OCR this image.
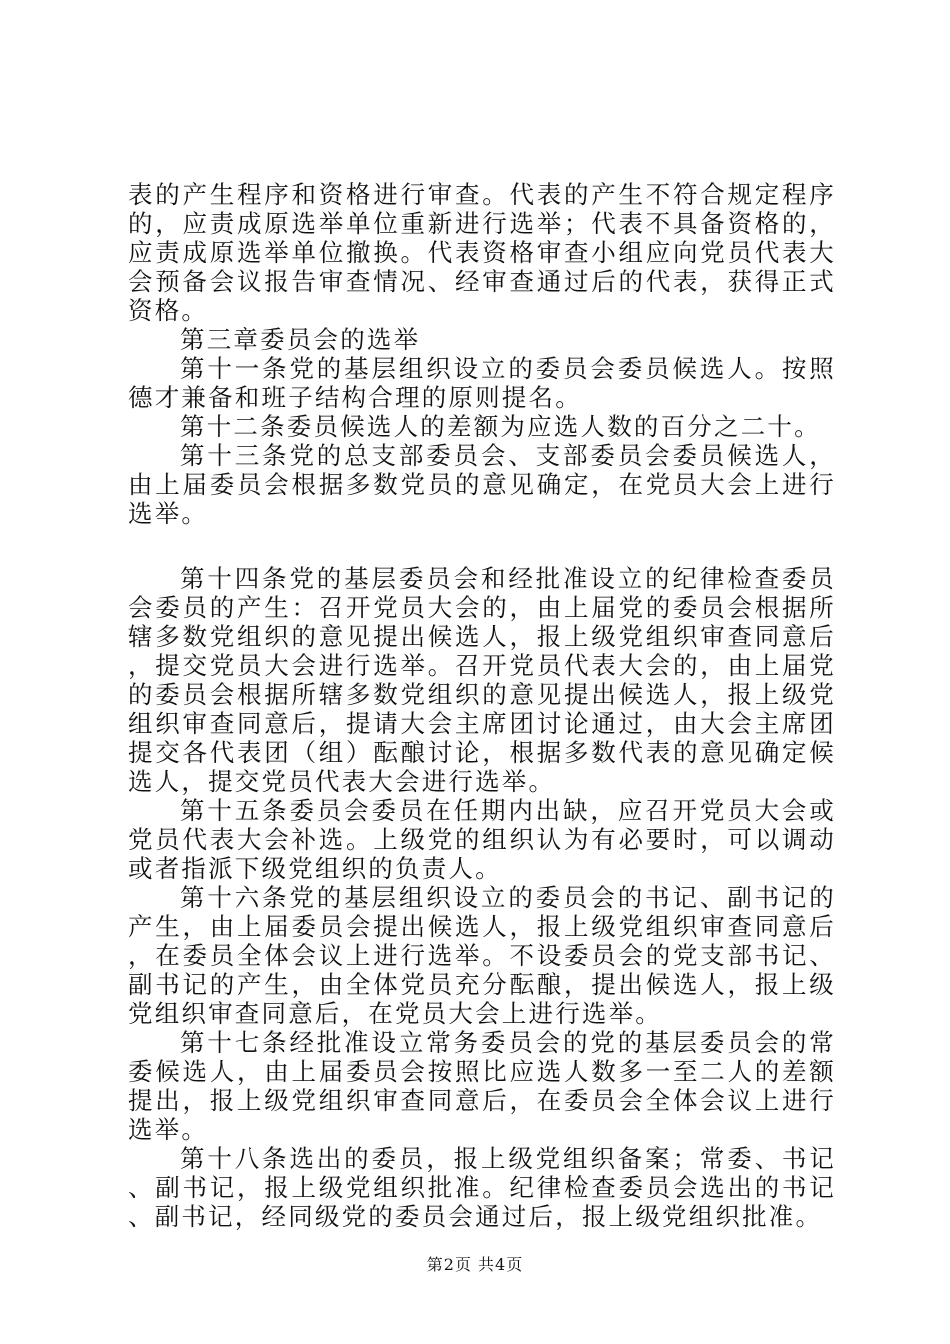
表的产生程序和资格进行审查。代表的产生不符合规定程序的，应责成原选举单位重新进行选举；代表不具备资格的，应责成原选举单位撤换。代表资格审查小组应向党员代表大会预备会议报告审查情况、经审查通过后的代表，获得正式资格。

第三章委员会的选举

第十一条党的基层组织设立的委员会委员候选人。按照德才兼备和班子结构合理的原则提名。

第十二条委员候选人的差额为应选人数的百分之二十。

第十三条党的总支部委员会、支部委员会委员候选人，由上届委员会根据多数党员的意见确定，在党员大会上进行选举。

第十四条党的基层委员会和经批准设立的纪律检查委员会委员的产生：召开党员大会的，由上届党的委员会根据所辖多数党组织的意见提出候选人，报上级党组织审查同意后，提交党员大会进行选举。召开党员代表大会的，由上届党的委员会根据所辖多数党组织的意见提出候选人，报上级党组织审查同意后，提请大会主席团讨论通过，由大会主席团提交各代表团（组）酝酿讨论，根据多数代表的意见确定候选人，提交党员代表大会进行选举。

第十五条委员会委员在任期内出缺，应召开党员大会或党员代表大会补选。上级党的组织认为有必要时，可以调动或者指派下级党组织的负责人。

第十六条党的基层组织设立的委员会的书记、副书记的产生，由上届委员会提出候选人，报上级党组织审查同意后，在委员全体会议上进行选举。不设委员会的党支部书记、副书记的产生，由全体党员充分酝酿，提出候选人，报上级党组织审查同意后，在党员大会上进行选举。

第十七条经批准设立常务委员会的党的基层委员会的常委候选人，由上届委员会按照比应选人数多一至二人的差额提出，报上级党组织审查同意后，在委员会全体会议上进行选举。

第十八条选出的委员，报上级党组织备案；常委、书记、副书记，报上级党组织批准。纪律检查委员会选出的书记、副书记，经同级党的委员会通过后，报上级党组织批准。

第2页 共4页
